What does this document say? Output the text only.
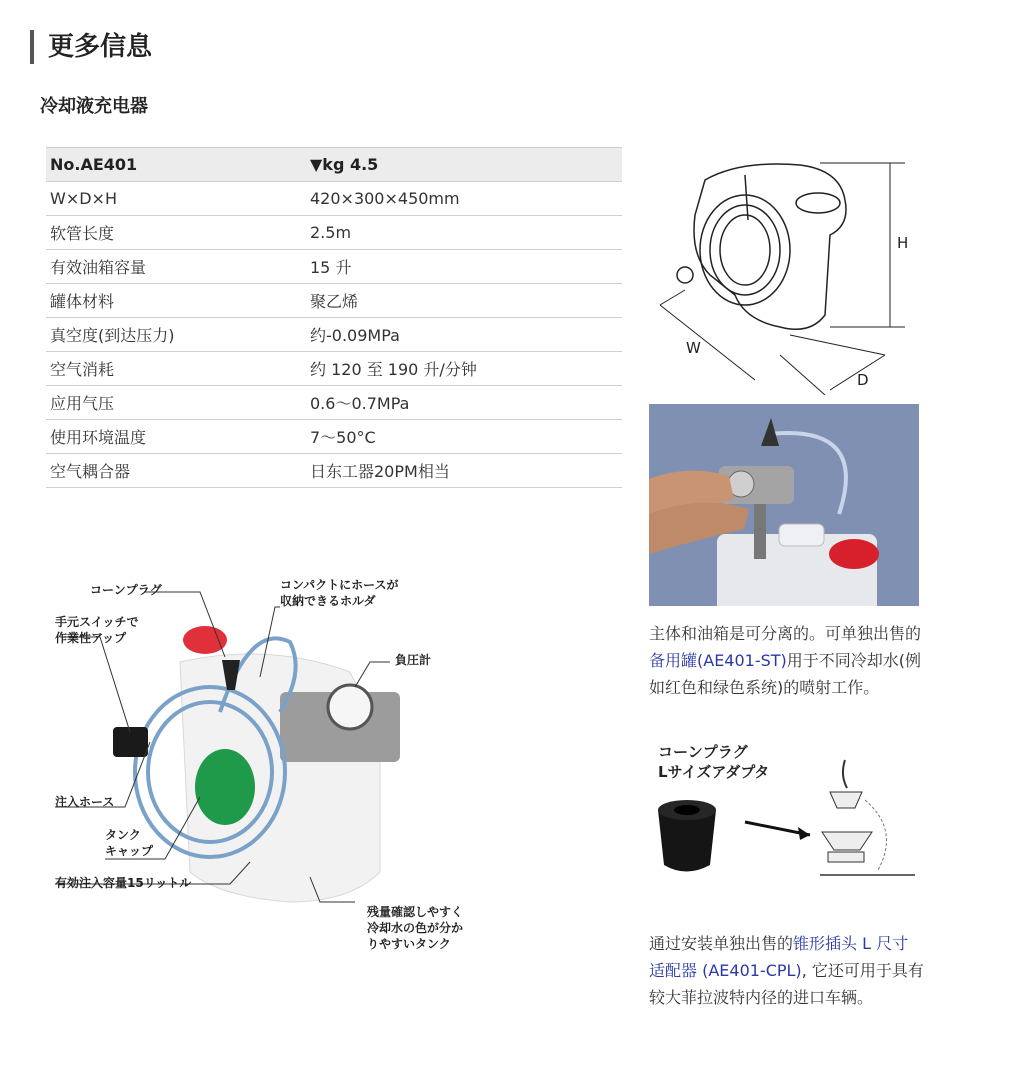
更多信息
冷却液充电器
No.AE401	▼kg 4.5
W×D×H	420×300×450mm
软管长度	2.5m
有效油箱容量	15 升
罐体材料	聚乙烯
真空度(到达压力)	约-0.09MPa
空气消耗	约 120 至 190 升/分钟
应用气压	0.6～0.7MPa
使用环境温度	7～50°C
空气耦合器	日东工器20PM相当
H
W
D
主体和油箱是可分离的。可单独出售的备用罐(AE401-ST)用于不同冷却水(例如红色和绿色系统)的喷射工作。
コーンプラグ
Lサイズアダプタ
通过安装单独出售的锥形插头 L 尺寸适配器 (AE401-CPL), 它还可用于具有较大菲拉波特内径的进口车辆。
コーンプラグ
手元スイッチで
作業性アップ
コンパクトにホースが
収納できるホルダ
負圧計
注入ホース
タンク
キャップ
有効注入容量15リットル
残量確認しやすく
冷却水の色が分か
りやすいタンク
